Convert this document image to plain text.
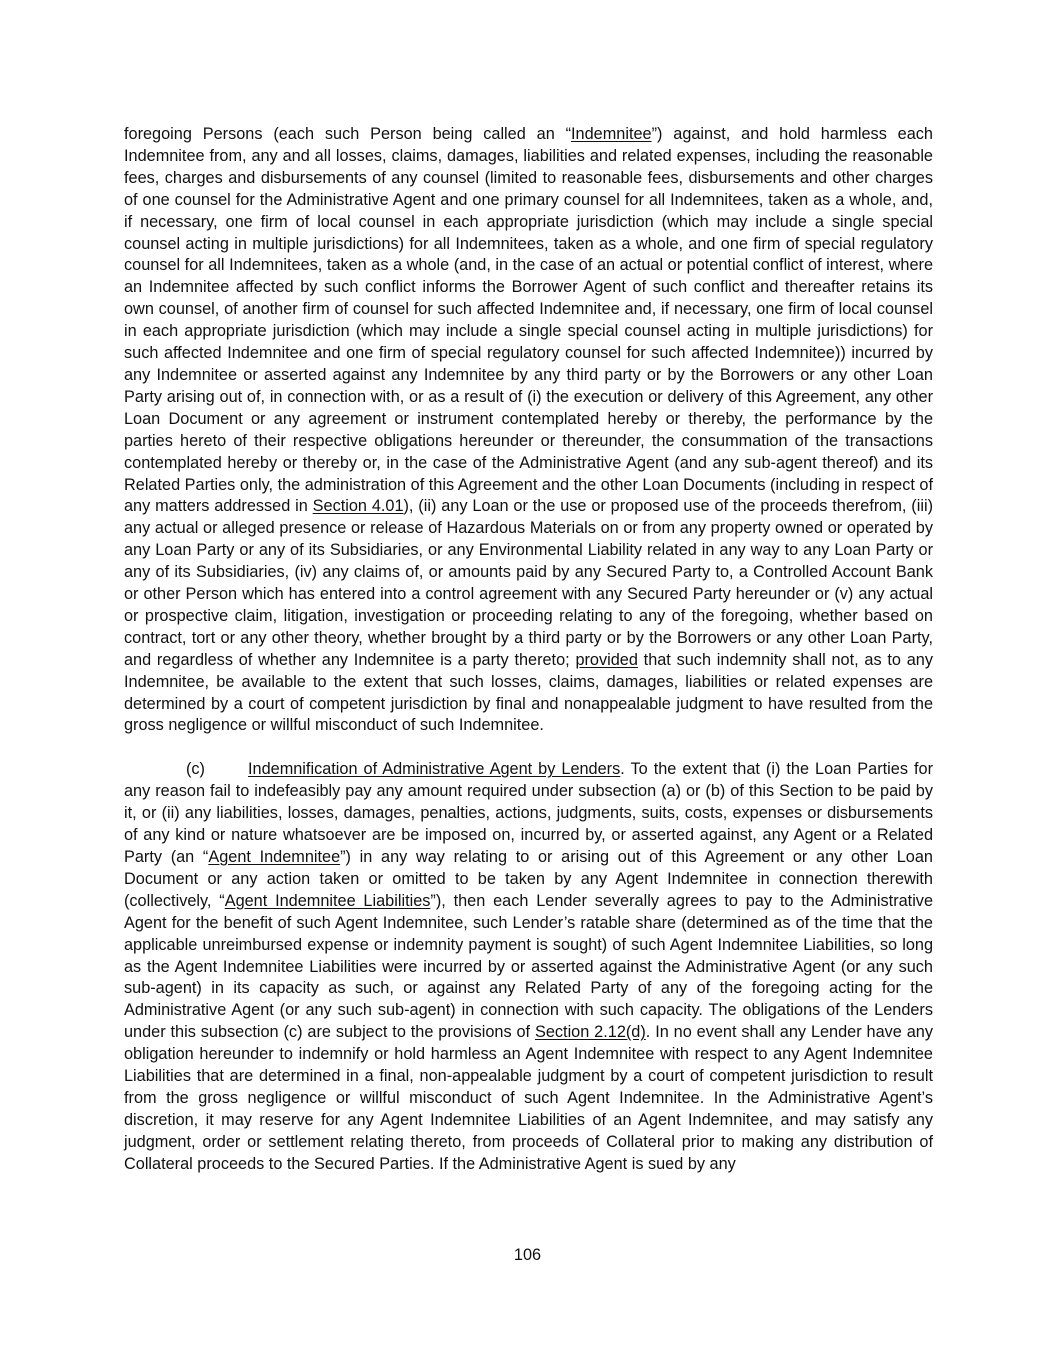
foregoing Persons (each such Person being called an “Indemnitee”) against, and hold harmless each Indemnitee from, any and all losses, claims, damages, liabilities and related expenses, including the reasonable fees, charges and disbursements of any counsel (limited to reasonable fees, disbursements and other charges of one counsel for the Administrative Agent and one primary counsel for all Indemnitees, taken as a whole, and, if necessary, one firm of local counsel in each appropriate jurisdiction (which may include a single special counsel acting in multiple jurisdictions) for all Indemnitees, taken as a whole, and one firm of special regulatory counsel for all Indemnitees, taken as a whole (and, in the case of an actual or potential conflict of interest, where an Indemnitee affected by such conflict informs the Borrower Agent of such conflict and thereafter retains its own counsel, of another firm of counsel for such affected Indemnitee and, if necessary, one firm of local counsel in each appropriate jurisdiction (which may include a single special counsel acting in multiple jurisdictions) for such affected Indemnitee and one firm of special regulatory counsel for such affected Indemnitee)) incurred by any Indemnitee or asserted against any Indemnitee by any third party or by the Borrowers or any other Loan Party arising out of, in connection with, or as a result of (i) the execution or delivery of this Agreement, any other Loan Document or any agreement or instrument contemplated hereby or thereby, the performance by the parties hereto of their respective obligations hereunder or thereunder, the consummation of the transactions contemplated hereby or thereby or, in the case of the Administrative Agent (and any sub-agent thereof) and its Related Parties only, the administration of this Agreement and the other Loan Documents (including in respect of any matters addressed in Section 4.01), (ii) any Loan or the use or proposed use of the proceeds therefrom, (iii) any actual or alleged presence or release of Hazardous Materials on or from any property owned or operated by any Loan Party or any of its Subsidiaries, or any Environmental Liability related in any way to any Loan Party or any of its Subsidiaries, (iv) any claims of, or amounts paid by any Secured Party to, a Controlled Account Bank or other Person which has entered into a control agreement with any Secured Party hereunder or (v) any actual or prospective claim, litigation, investigation or proceeding relating to any of the foregoing, whether based on contract, tort or any other theory, whether brought by a third party or by the Borrowers or any other Loan Party, and regardless of whether any Indemnitee is a party thereto; provided that such indemnity shall not, as to any Indemnitee, be available to the extent that such losses, claims, damages, liabilities or related expenses are determined by a court of competent jurisdiction by final and nonappealable judgment to have resulted from the gross negligence or willful misconduct of such Indemnitee.

(c)	Indemnification of Administrative Agent by Lenders. To the extent that (i) the Loan Parties for any reason fail to indefeasibly pay any amount required under subsection (a) or (b) of this Section to be paid by it, or (ii) any liabilities, losses, damages, penalties, actions, judgments, suits, costs, expenses or disbursements of any kind or nature whatsoever are be imposed on, incurred by, or asserted against, any Agent or a Related Party (an “Agent Indemnitee”) in any way relating to or arising out of this Agreement or any other Loan Document or any action taken or omitted to be taken by any Agent Indemnitee in connection therewith (collectively, “Agent Indemnitee Liabilities”), then each Lender severally agrees to pay to the Administrative Agent for the benefit of such Agent Indemnitee, such Lender’s ratable share (determined as of the time that the applicable unreimbursed expense or indemnity payment is sought) of such Agent Indemnitee Liabilities, so long as the Agent Indemnitee Liabilities were incurred by or asserted against the Administrative Agent (or any such sub-agent) in its capacity as such, or against any Related Party of any of the foregoing acting for the Administrative Agent (or any such sub-agent) in connection with such capacity. The obligations of the Lenders under this subsection (c) are subject to the provisions of Section 2.12(d). In no event shall any Lender have any obligation hereunder to indemnify or hold harmless an Agent Indemnitee with respect to any Agent Indemnitee Liabilities that are determined in a final, non-appealable judgment by a court of competent jurisdiction to result from the gross negligence or willful misconduct of such Agent Indemnitee. In the Administrative Agent’s discretion, it may reserve for any Agent Indemnitee Liabilities of an Agent Indemnitee, and may satisfy any judgment, order or settlement relating thereto, from proceeds of Collateral prior to making any distribution of Collateral proceeds to the Secured Parties. If the Administrative Agent is sued by any

106
